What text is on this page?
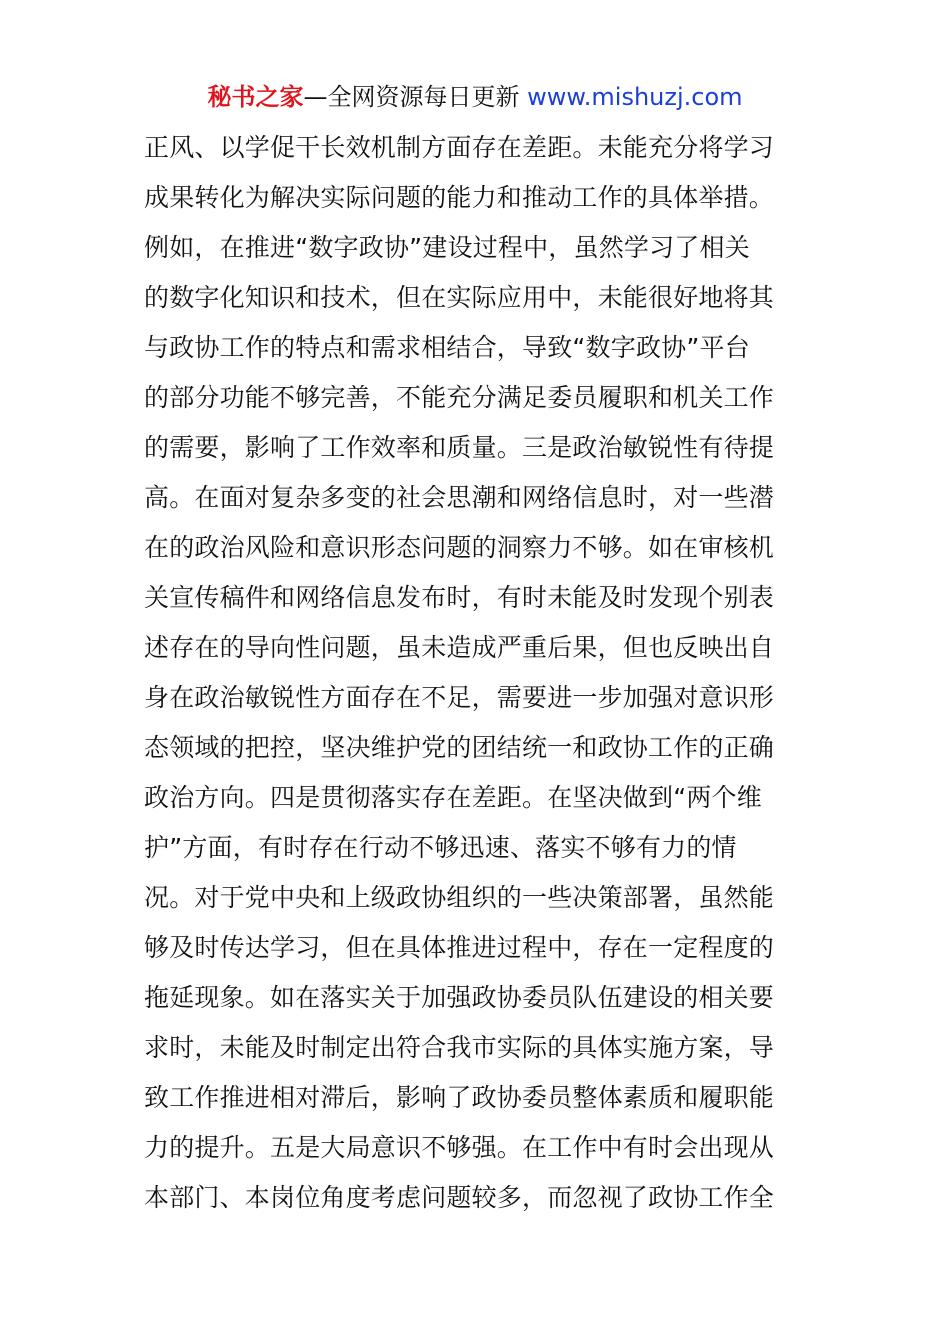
秘书之家—全网资源每日更新 www.mishuzj.com
正风、以学促干长效机制方面存在差距。未能充分将学习
成果转化为解决实际问题的能力和推动工作的具体举措。
例如，在推进“数字政协”建设过程中，虽然学习了相关
的数字化知识和技术，但在实际应用中，未能很好地将其
与政协工作的特点和需求相结合，导致“数字政协”平台
的部分功能不够完善，不能充分满足委员履职和机关工作
的需要，影响了工作效率和质量。三是政治敏锐性有待提
高。在面对复杂多变的社会思潮和网络信息时，对一些潜
在的政治风险和意识形态问题的洞察力不够。如在审核机
关宣传稿件和网络信息发布时，有时未能及时发现个别表
述存在的导向性问题，虽未造成严重后果，但也反映出自
身在政治敏锐性方面存在不足，需要进一步加强对意识形
态领域的把控，坚决维护党的团结统一和政协工作的正确
政治方向。四是贯彻落实存在差距。在坚决做到“两个维
护”方面，有时存在行动不够迅速、落实不够有力的情
况。对于党中央和上级政协组织的一些决策部署，虽然能
够及时传达学习，但在具体推进过程中，存在一定程度的
拖延现象。如在落实关于加强政协委员队伍建设的相关要
求时，未能及时制定出符合我市实际的具体实施方案，导
致工作推进相对滞后，影响了政协委员整体素质和履职能
力的提升。五是大局意识不够强。在工作中有时会出现从
本部门、本岗位角度考虑问题较多，而忽视了政协工作全
